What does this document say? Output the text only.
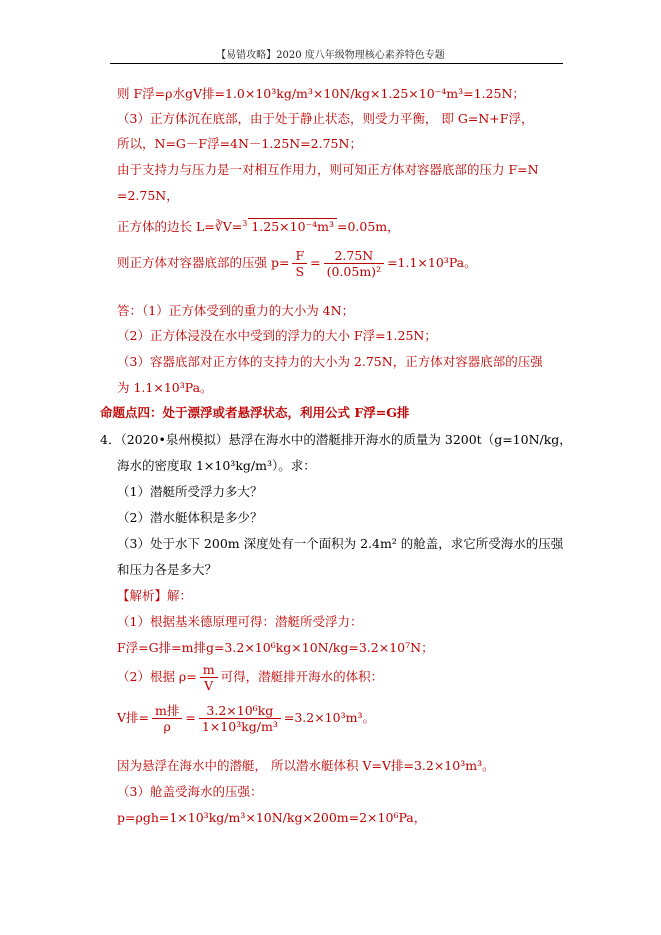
【易错攻略】2020 度八年级物理核心素养特色专题
则 F浮=ρ水gV排=1.0×10³kg/m³×10N/kg×1.25×10⁻⁴m³=1.25N；
（3）正方体沉在底部，由于处于静止状态，则受力平衡， 即 G=N+F浮，
所以，N=G－F浮=4N－1.25N=2.75N；
由于支持力与压力是一对相互作用力，则可知正方体对容器底部的压力 F=N
=2.75N，
正方体的边长 L=∛V=$^3$ 1.25×10⁻⁴m³ =0.05m，
则正方体对容器底部的压强 $p= \frac{F}{S} = \frac{2.75N}{\text{(0.05m)²}} =1.1\times 10^3Pa$。
答：（1）正方体受到的重力的大小为 4N；
（2）正方体浸没在水中受到的浮力的大小 F浮=1.25N；
（3）容器底部对正方体的支持力的大小为 2.75N，正方体对容器底部的压强
为 1.1×10³Pa。
命题点四：处于漂浮或者悬浮状态，利用公式 F浮=G排
4．（2020•泉州模拟）悬浮在海水中的潜艇排开海水的质量为 3200t（g=10N/kg，
海水的密度取 1×10³kg/m³）。求：
（1）潜艇所受浮力多大？
（2）潜水艇体积是多少？
（3）处于水下 200m 深度处有一个面积为 2.4m² 的舱盖，求它所受海水的压强
和压力各是多大？
【解析】解：
（1）根据基米德原理可得：潜艇所受浮力：
F浮=G排=m排g=3.2×10⁶kg×10N/kg=3.2×10⁷N；
（2）根据 $\rho= \frac{m}{V}$ 可得，潜艇排开海水的体积：
V排= $\frac{\text{m排}}{\rho} = \frac{\text{3.2×10⁶kg}}{\text{1×10³kg/m³}} =3.2\times 10^3m^3$。
因为悬浮在海水中的潜艇， 所以潜水艇体积 V=V排=3.2×10³m³。
（3）舱盖受海水的压强：
p=ρgh=1×10³kg/m³×10N/kg×200m=2×10⁶Pa，
